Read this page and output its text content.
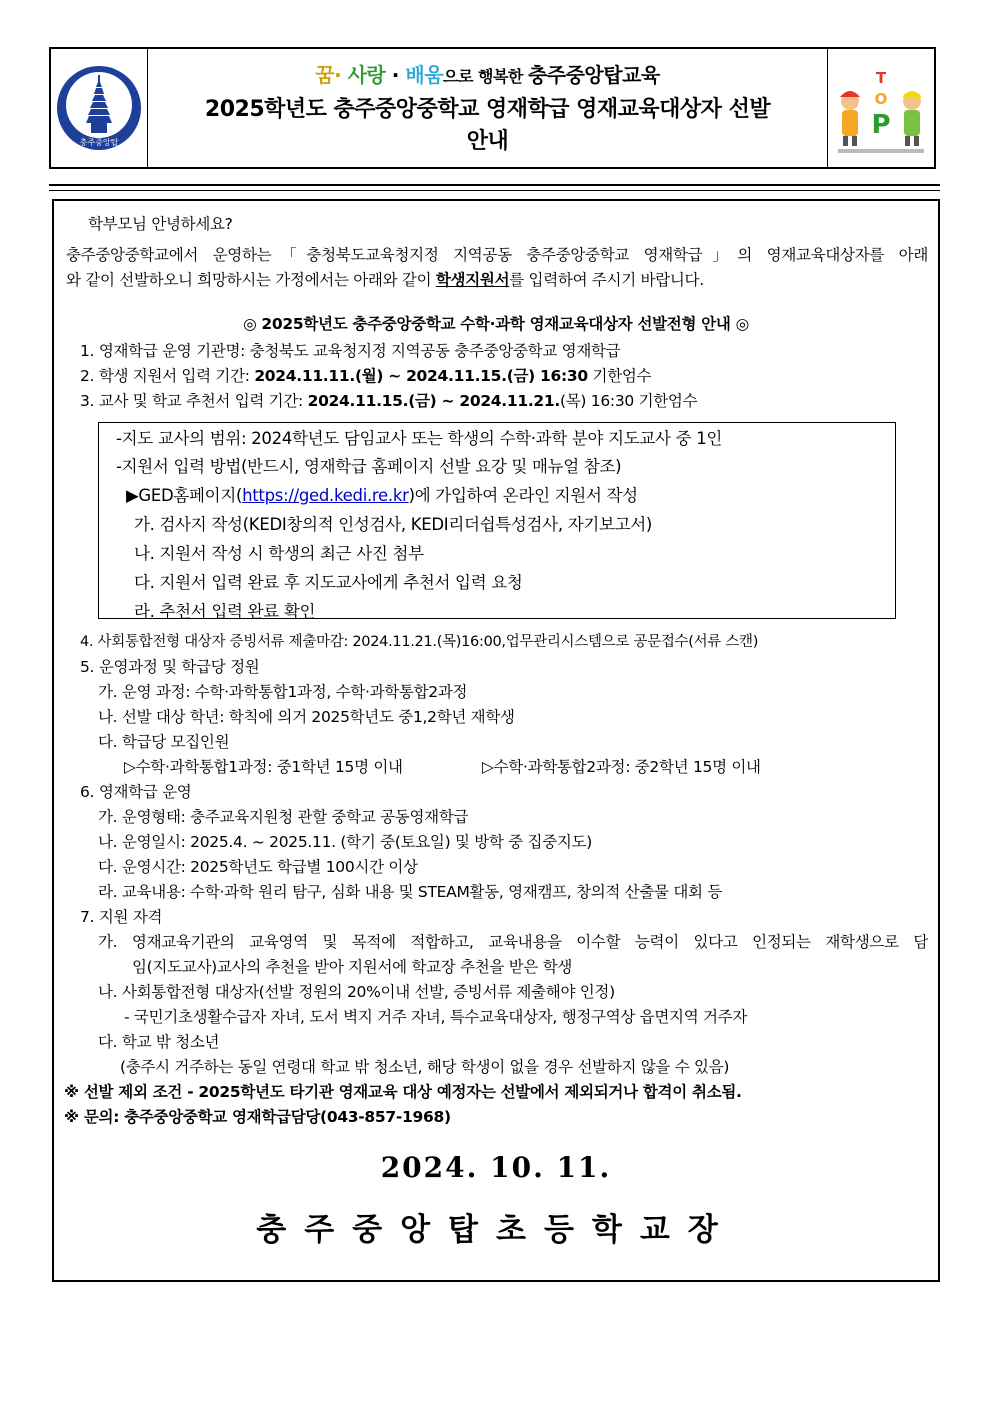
충주중앙탑
꿈· 사랑 · 배움으로 행복한 충주중앙탑교육
2025학년도 충주중앙중학교 영재학급 영재교육대상자 선발
안내
T
O
P
학부모님 안녕하세요?
충주중앙중학교에서 운영하는「충청북도교육청지정 지역공동 충주중앙중학교 영재학급」의 영재교육대상자를 아래
와 같이 선발하오니 희망하시는 가정에서는 아래와 같이 학생지원서를 입력하여 주시기 바랍니다.
◎ 2025학년도 충주중앙중학교 수학·과학 영재교육대상자 선발전형 안내 ◎
1. 영재학급 운영 기관명: 충청북도 교육청지정 지역공동 충주중앙중학교 영재학급
2. 학생 지원서 입력 기간: 2024.11.11.(월) ~ 2024.11.15.(금) 16:30 기한엄수
3. 교사 및 학교 추천서 입력 기간: 2024.11.15.(금) ~ 2024.11.21.(목) 16:30 기한엄수
-지도 교사의 범위: 2024학년도 담임교사 또는 학생의 수학·과학 분야 지도교사 중 1인
-지원서 입력 방법(반드시, 영재학급 홈페이지 선발 요강 및 매뉴얼 참조)
▶GED홈페이지(https://ged.kedi.re.kr)에 가입하여 온라인 지원서 작성
가. 검사지 작성(KEDI창의적 인성검사, KEDI리더쉽특성검사, 자기보고서)
나. 지원서 작성 시 학생의 최근 사진 첨부
다. 지원서 입력 완료 후 지도교사에게 추천서 입력 요청
라. 추천서 입력 완료 확인
4. 사회통합전형 대상자 증빙서류 제출마감: 2024.11.21.(목)16:00,업무관리시스템으로 공문접수(서류 스캔)
5. 운영과정 및 학급당 정원
가. 운영 과정: 수학·과학통합1과정, 수학·과학통합2과정
나. 선발 대상 학년: 학칙에 의거 2025학년도 중1,2학년 재학생
다. 학급당 모집인원
▷수학·과학통합1과정: 중1학년 15명 이내	▷수학·과학통합2과정: 중2학년 15명 이내
6. 영재학급 운영
가. 운영형태: 충주교육지원청 관할 중학교 공동영재학급
나. 운영일시: 2025.4. ~ 2025.11. (학기 중(토요일) 및 방학 중 집중지도)
다. 운영시간: 2025학년도 학급별 100시간 이상
라. 교육내용: 수학·과학 원리 탐구, 심화 내용 및 STEAM활동, 영재캠프, 창의적 산출물 대회 등
7. 지원 자격
가. 영재교육기관의 교육영역 및 목적에 적합하고, 교육내용을 이수할 능력이 있다고 인정되는 재학생으로 담
임(지도교사)교사의 추천을 받아 지원서에 학교장 추천을 받은 학생
나. 사회통합전형 대상자(선발 정원의 20%이내 선발, 증빙서류 제출해야 인정)
- 국민기초생활수급자 자녀, 도서 벽지 거주 자녀, 특수교육대상자, 행정구역상 읍면지역 거주자
다. 학교 밖 청소년
(충주시 거주하는 동일 연령대 학교 밖 청소년, 해당 학생이 없을 경우 선발하지 않을 수 있음)
※ 선발 제외 조건 - 2025학년도 타기관 영재교육 대상 예정자는 선발에서 제외되거나 합격이 취소됨.
※ 문의: 충주중앙중학교 영재학급담당(043-857-1968)
2024. 10. 11.
충주중앙탑초등학교장
